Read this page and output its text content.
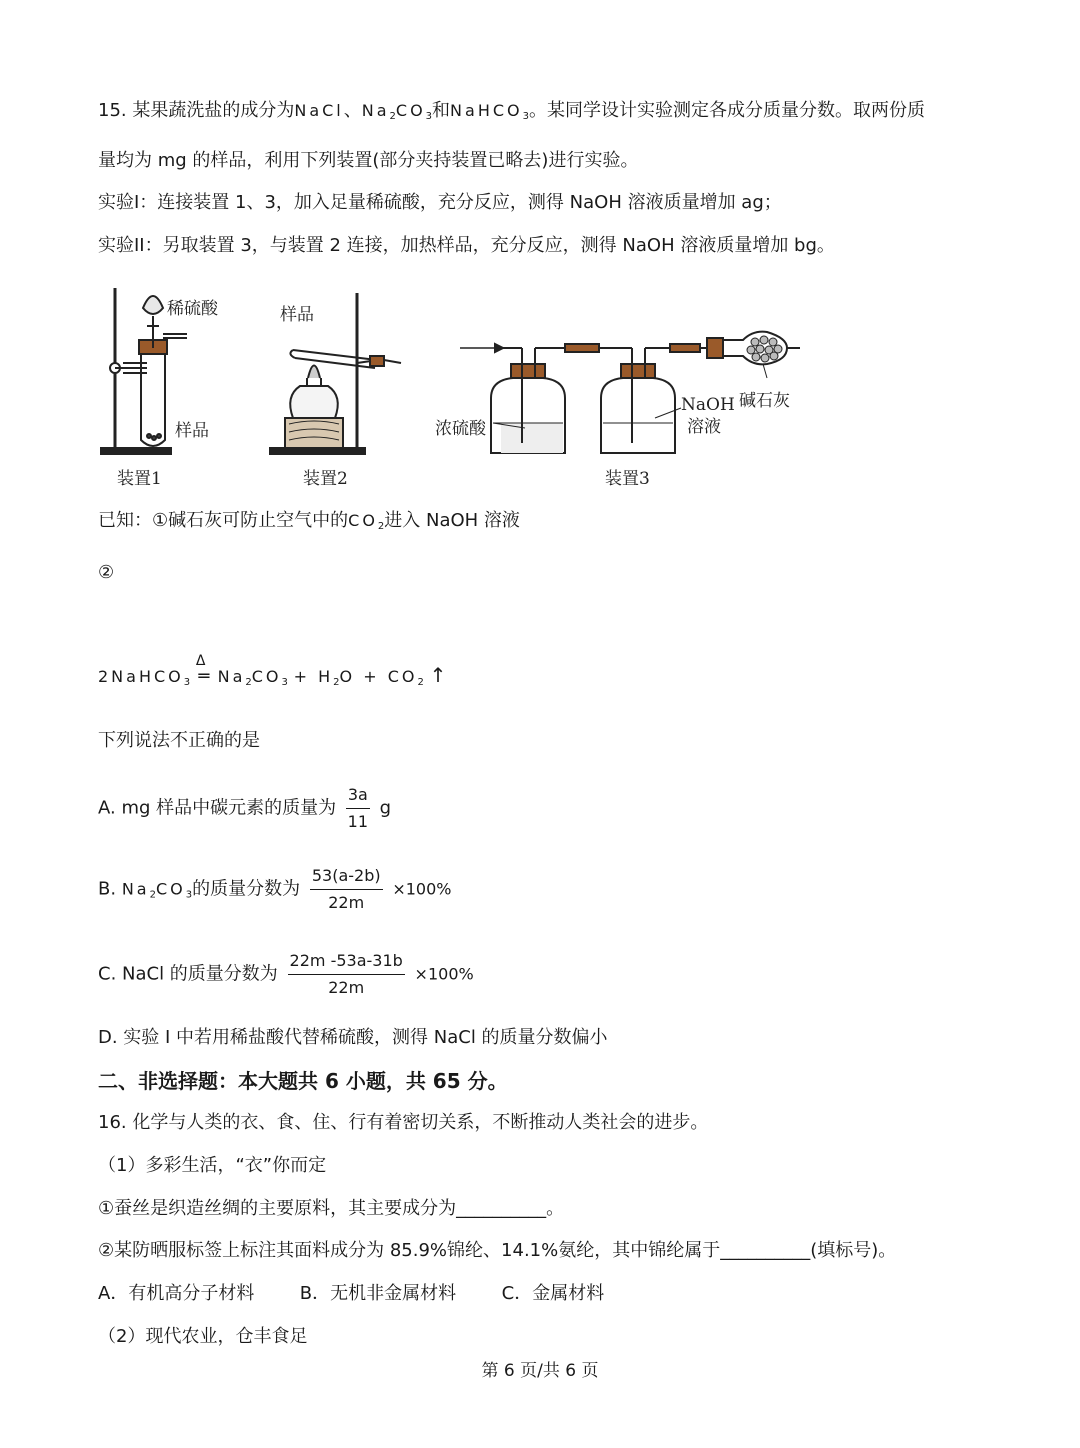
15. 某果蔬洗盐的成分为NaCl、$Na_2CO_3$和NaHCO$_3$。某同学设计实验测定各成分质量分数。取两份质
量均为 mg 的样品，利用下列装置(部分夹持装置已略去)进行实验。
实验I：连接装置 1、3，加入足量稀硫酸，充分反应，测得 NaOH 溶液质量增加 ag；
实验II：另取装置 3，与装置 2 连接，加热样品，充分反应，测得 NaOH 溶液质量增加 bg。
稀硫酸
样品
样品
浓硫酸
NaOH
溶液
碱石灰
装置1	装置2	装置3
已知：①碱石灰可防止空气中的$CO_2$进入 NaOH 溶液
②
2NaHCO$_3$
Δ
═ $Na_2CO_3 + H_2O + CO_2$ ↑
下列说法不正确的是
A. mg 样品中碳元素的质量为 $\frac{3a}{11}$ g
B. $Na_2CO_3$的质量分数为 $\frac{53(a-2b)}{22m} \times 100\%$
C. NaCl 的质量分数为 $\frac{22m -53a-31b}{22m} \times 100\%$
D. 实验 I 中若用稀盐酸代替稀硫酸，测得 NaCl 的质量分数偏小
二、非选择题：本大题共 6 小题，共 65 分。
16. 化学与人类的衣、食、住、行有着密切关系，不断推动人类社会的进步。
（1）多彩生活，“衣”你而定
①蚕丝是织造丝绸的主要原料，其主要成分为__________。
②某防晒服标签上标注其面料成分为 85.9%锦纶、14.1%氨纶，其中锦纶属于__________(填标号)。
A．有机高分子材料	B．无机非金属材料	C．金属材料
（2）现代农业，仓丰食足
第 6 页/共 6 页
